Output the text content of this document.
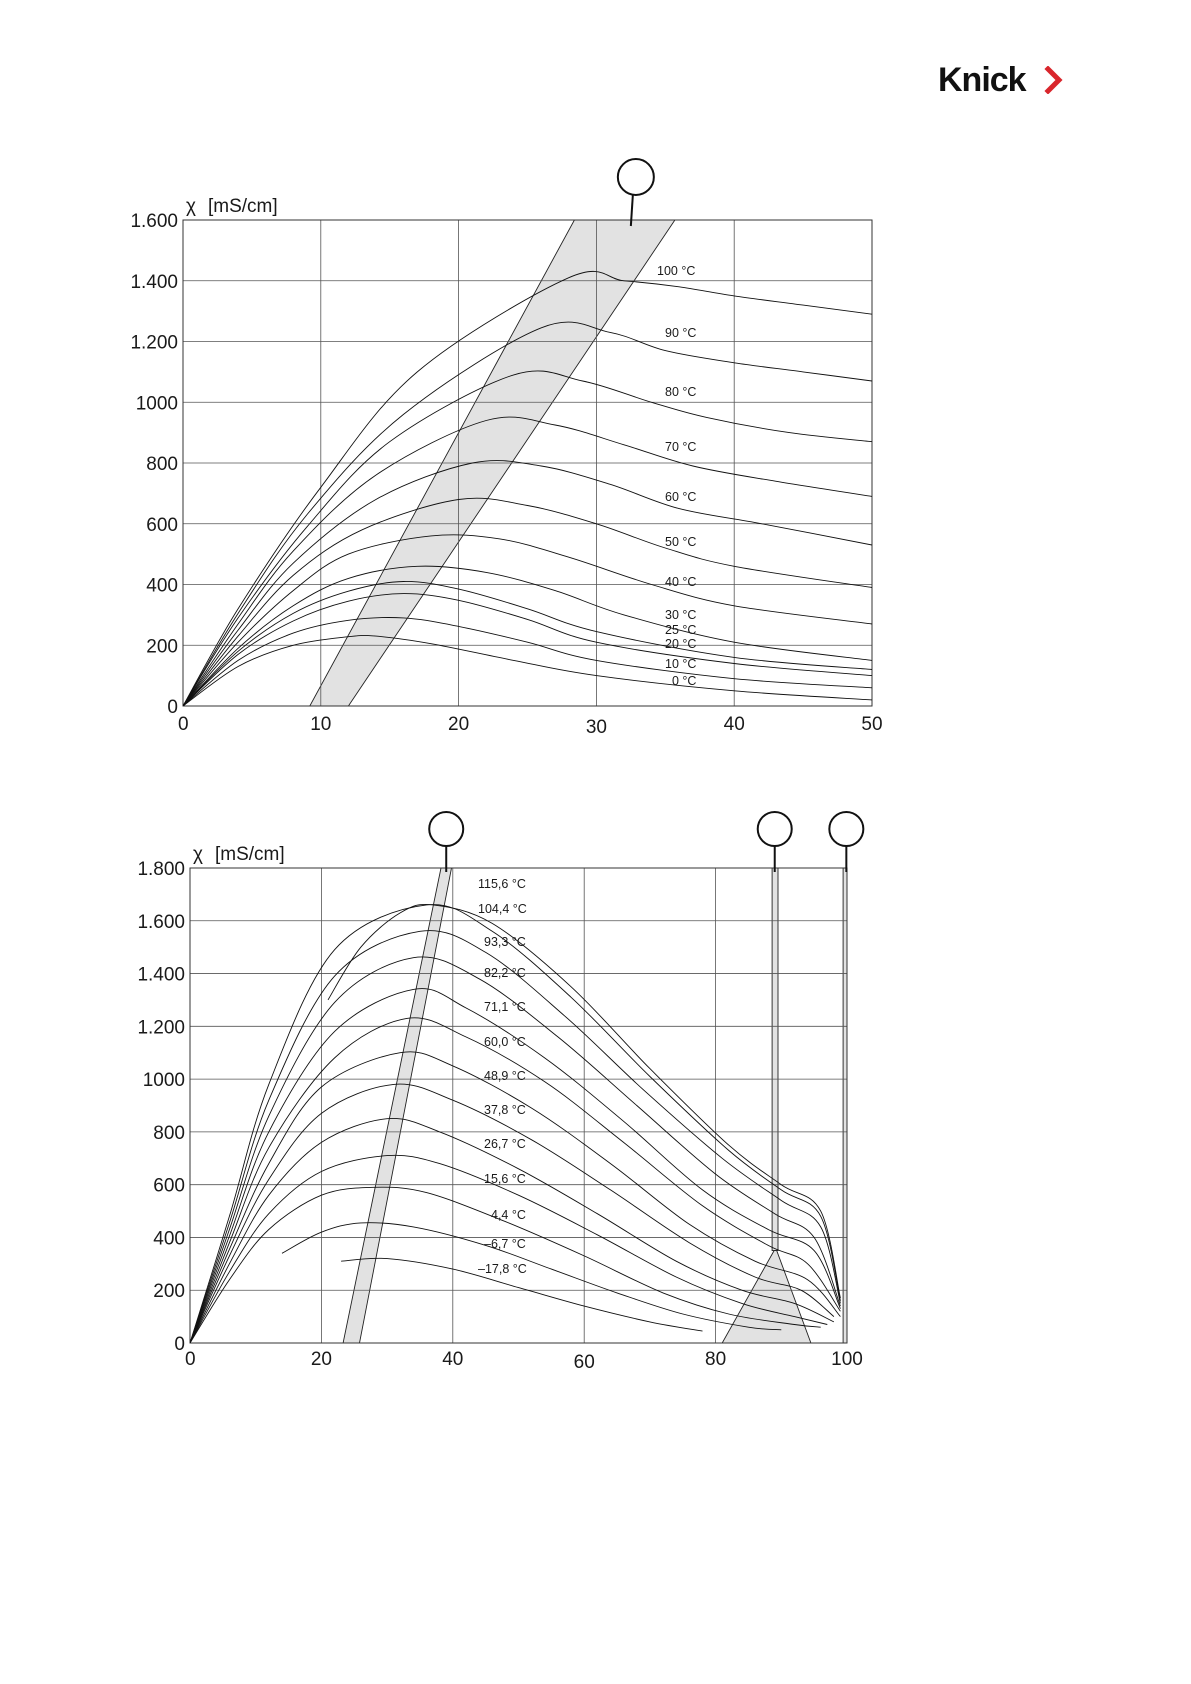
Knick
0 °C
10 °C
20 °C
25 °C
30 °C
40 °C
50 °C
60 °C
70 °C
80 °C
90 °C
100 °C
0	10	20	30	40	50
0
200
400
600
800
1000
1.200
1.400
1.600
χ [mS/cm]
–17,8 °C
–6,7 °C
4,4 °C
15,6 °C
26,7 °C
37,8 °C
48,9 °C
60,0 °C
71,1 °C
82,2 °C
93,3 °C
104,4 °C
115,6 °C
0	20	40	60	80	100
0
200
400
600
800
1000
1.200
1.400
1.600
1.800
χ [mS/cm]
